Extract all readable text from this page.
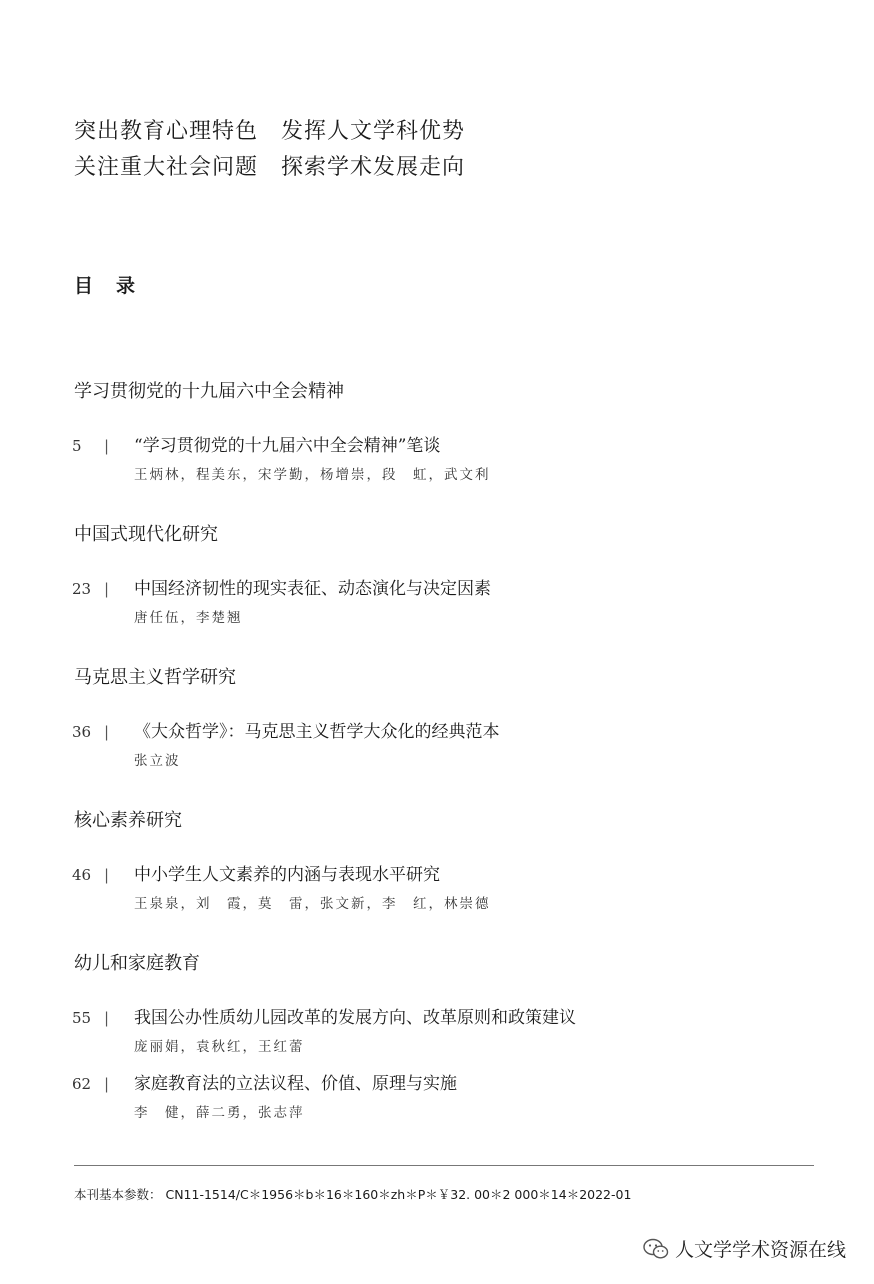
突出教育心理特色　发挥人文学科优势
关注重大社会问题　探索学术发展走向
目　录
学习贯彻党的十九届六中全会精神
5	|	“学习贯彻党的十九届六中全会精神”笔谈
王炳林，程美东，宋学勤，杨增崇，段　虹，武文利
中国式现代化研究
23 |	中国经济韧性的现实表征、动态演化与决定因素
唐任伍，李楚翘
马克思主义哲学研究
36 |	《大众哲学》：马克思主义哲学大众化的经典范本
张立波
核心素养研究
46 |	中小学生人文素养的内涵与表现水平研究
王泉泉，刘　霞，莫　雷，张文新，李　红，林崇德
幼儿和家庭教育
55 |	我国公办性质幼儿园改革的发展方向、改革原则和政策建议
庞丽娟，袁秋红，王红蕾
62 |	家庭教育法的立法议程、价值、原理与实施
李　健，薛二勇，张志萍
本刊基本参数： CN11-1514/C＊1956＊b＊16＊160＊zh＊P＊￥32. 00＊2 000＊14＊2022-01
人文学学术资源在线
